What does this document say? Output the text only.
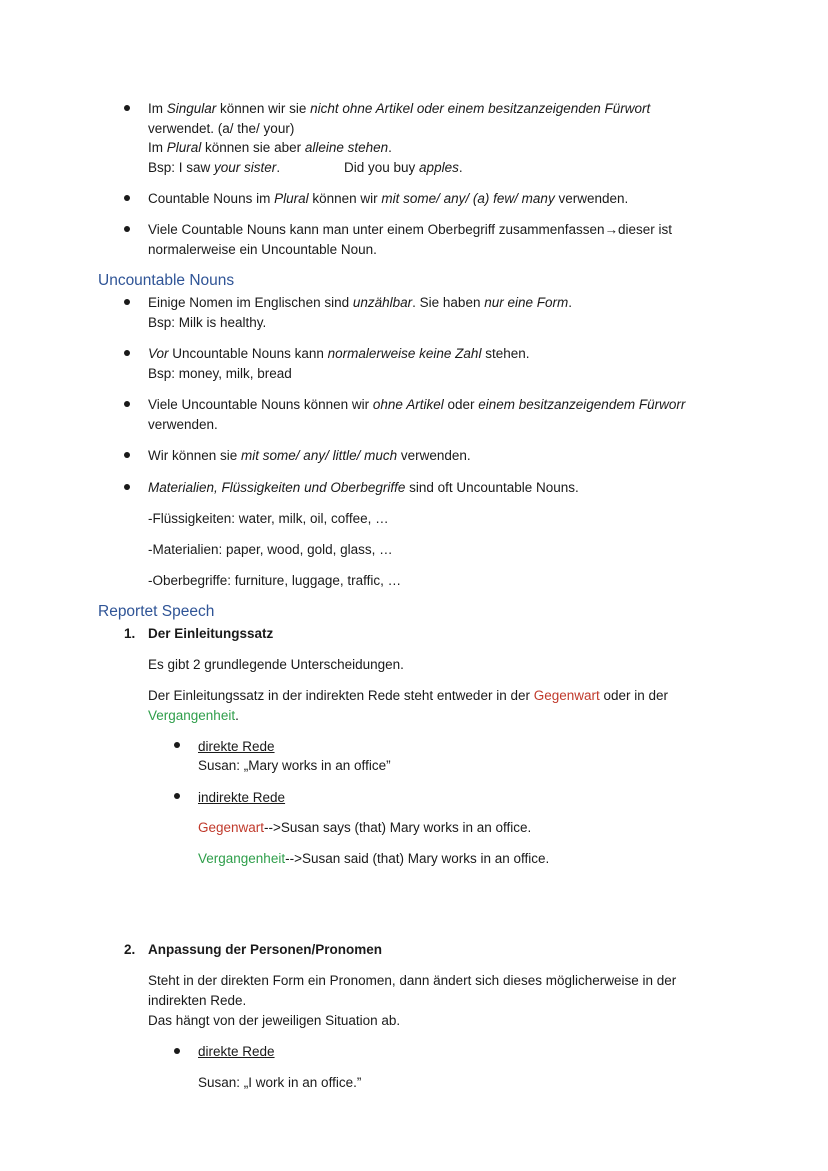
Im Singular können wir sie nicht ohne Artikel oder einem besitzanzeigenden Fürwort
verwendet. (a/ the/ your)
Im Plural können sie aber alleine stehen.
Bsp: I saw your sister.	Did you buy apples.
Countable Nouns im Plural können wir mit some/ any/ (a) few/ many verwenden.
Viele Countable Nouns kann man unter einem Oberbegriff zusammenfassen→dieser ist
normalerweise ein Uncountable Noun.
Uncountable Nouns
Einige Nomen im Englischen sind unzählbar. Sie haben nur eine Form.
Bsp: Milk is healthy.
Vor Uncountable Nouns kann normalerweise keine Zahl stehen.
Bsp: money, milk, bread
Viele Uncountable Nouns können wir ohne Artikel oder einem besitzanzeigendem Fürworr
verwenden.
Wir können sie mit some/ any/ little/ much verwenden.
Materialien, Flüssigkeiten und Oberbegriffe sind oft Uncountable Nouns.
-Flüssigkeiten: water, milk, oil, coffee, …
-Materialien: paper, wood, gold, glass, …
-Oberbegriffe: furniture, luggage, traffic, …
Reportet Speech
1. Der Einleitungssatz
Es gibt 2 grundlegende Unterscheidungen.
Der Einleitungssatz in der indirekten Rede steht entweder in der Gegenwart oder in der
Vergangenheit.
direkte Rede
Susan: „Mary works in an office”
indirekte Rede
Gegenwart-->Susan says (that) Mary works in an office.
Vergangenheit-->Susan said (that) Mary works in an office.
2. Anpassung der Personen/Pronomen
Steht in der direkten Form ein Pronomen, dann ändert sich dieses möglicherweise in der
indirekten Rede.
Das hängt von der jeweiligen Situation ab.
direkte Rede
Susan: „I work in an office.”
